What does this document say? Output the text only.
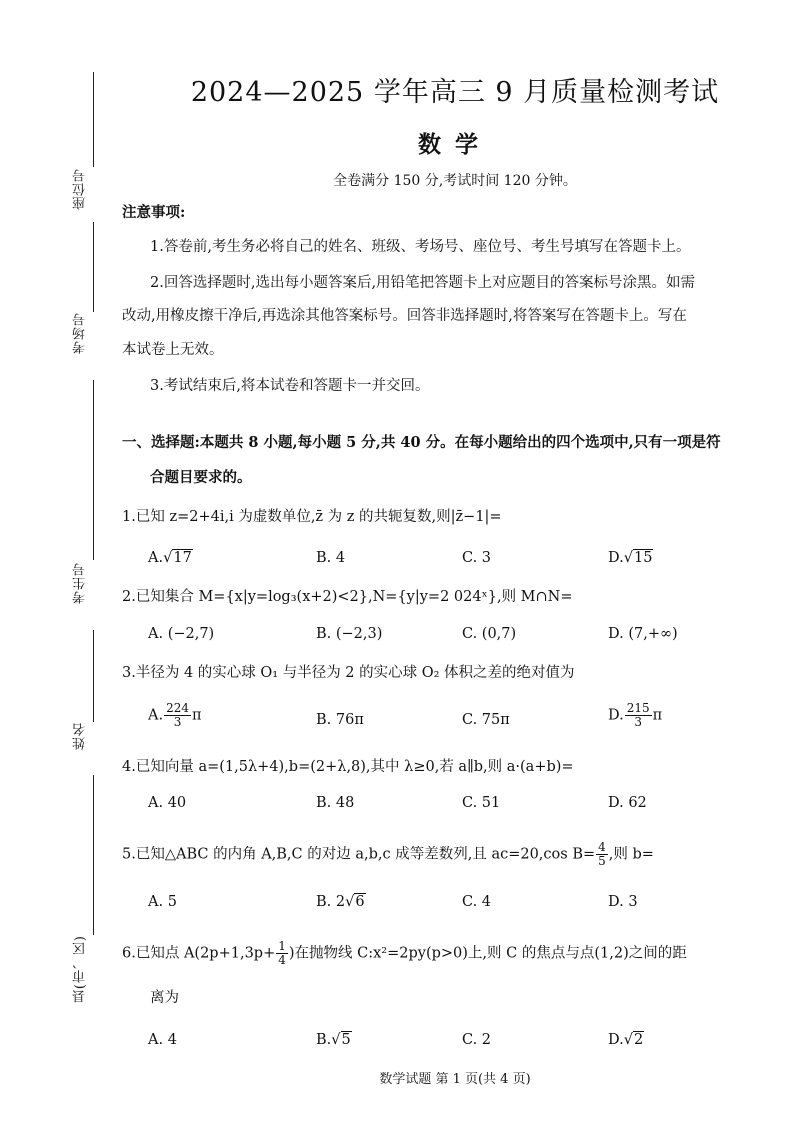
座位号
考场号
考生号
姓名
县(市、区)
2024—2025 学年高三 9 月质量检测考试
数学
全卷满分 150 分,考试时间 120 分钟。
注意事项:
1.答卷前,考生务必将自己的姓名、班级、考场号、座位号、考生号填写在答题卡上。
2.回答选择题时,选出每小题答案后,用铅笔把答题卡上对应题目的答案标号涂黑。如需
改动,用橡皮擦干净后,再选涂其他答案标号。回答非选择题时,将答案写在答题卡上。写在
本试卷上无效。
3.考试结束后,将本试卷和答题卡一并交回。
一、选择题:本题共 8 小题,每小题 5 分,共 40 分。在每小题给出的四个选项中,只有一项是符
合题目要求的。
1.已知 z=2+4i,i 为虚数单位,z̄ 为 z 的共轭复数,则|z̄−1|=
A.√17	B. 4	C. 3	D.√15
2.已知集合 M={x|y=log₃(x+2)<2},N={y|y=2 024ˣ},则 M∩N=
A. (−2,7)	B. (−2,3)	C. (0,7)	D. (7,+∞)
3.半径为 4 的实心球 O₁ 与半径为 2 的实心球 O₂ 体积之差的绝对值为
A. $\frac{224}{3}$ π	B. 76π	C. 75π	D. $\frac{215}{3}$ π
4.已知向量 a=(1,5λ+4),b=(2+λ,8),其中 λ≥0,若 a∥b,则 a·(a+b)=
A. 40	B. 48	C. 51	D. 62
5.已知△ABC 的内角 A,B,C 的对边 a,b,c 成等差数列,且 ac=20,cos $B= \frac{4}{5}$ ,则 b=
A. 5	B. 2√6	C. 4	D. 3
6.已知点 $A(2p+1,3p+ \frac{1}{4}$ )在抛物线 C:x²=2py(p>0)上,则 C 的焦点与点(1,2)之间的距
离为
A. 4	B.√5	C. 2	D.√2
数学试题 第 1 页(共 4 页)
